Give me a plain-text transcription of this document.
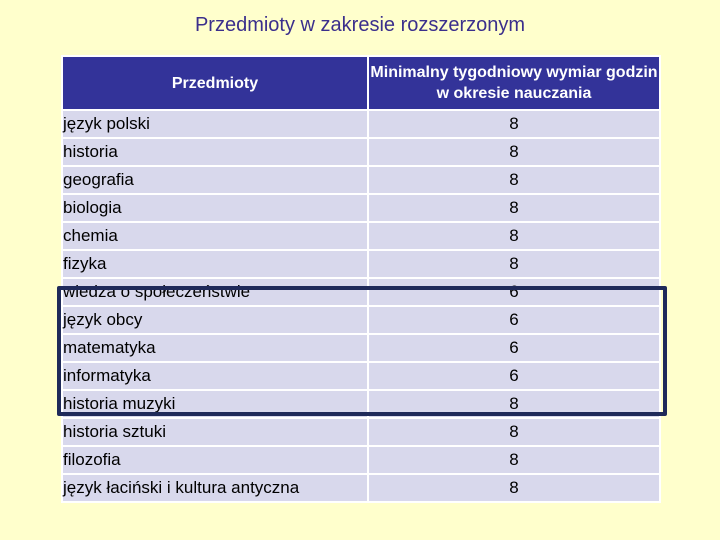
Przedmioty w zakresie rozszerzonym
Przedmioty	Minimalny tygodniowy wymiar godzin w okresie nauczania
język polski	8
historia	8
geografia	8
biologia	8
chemia	8
fizyka	8
wiedza o społeczeństwie	6
język obcy	6
matematyka	6
informatyka	6
historia muzyki	8
historia sztuki	8
filozofia	8
język łaciński i kultura antyczna	8
